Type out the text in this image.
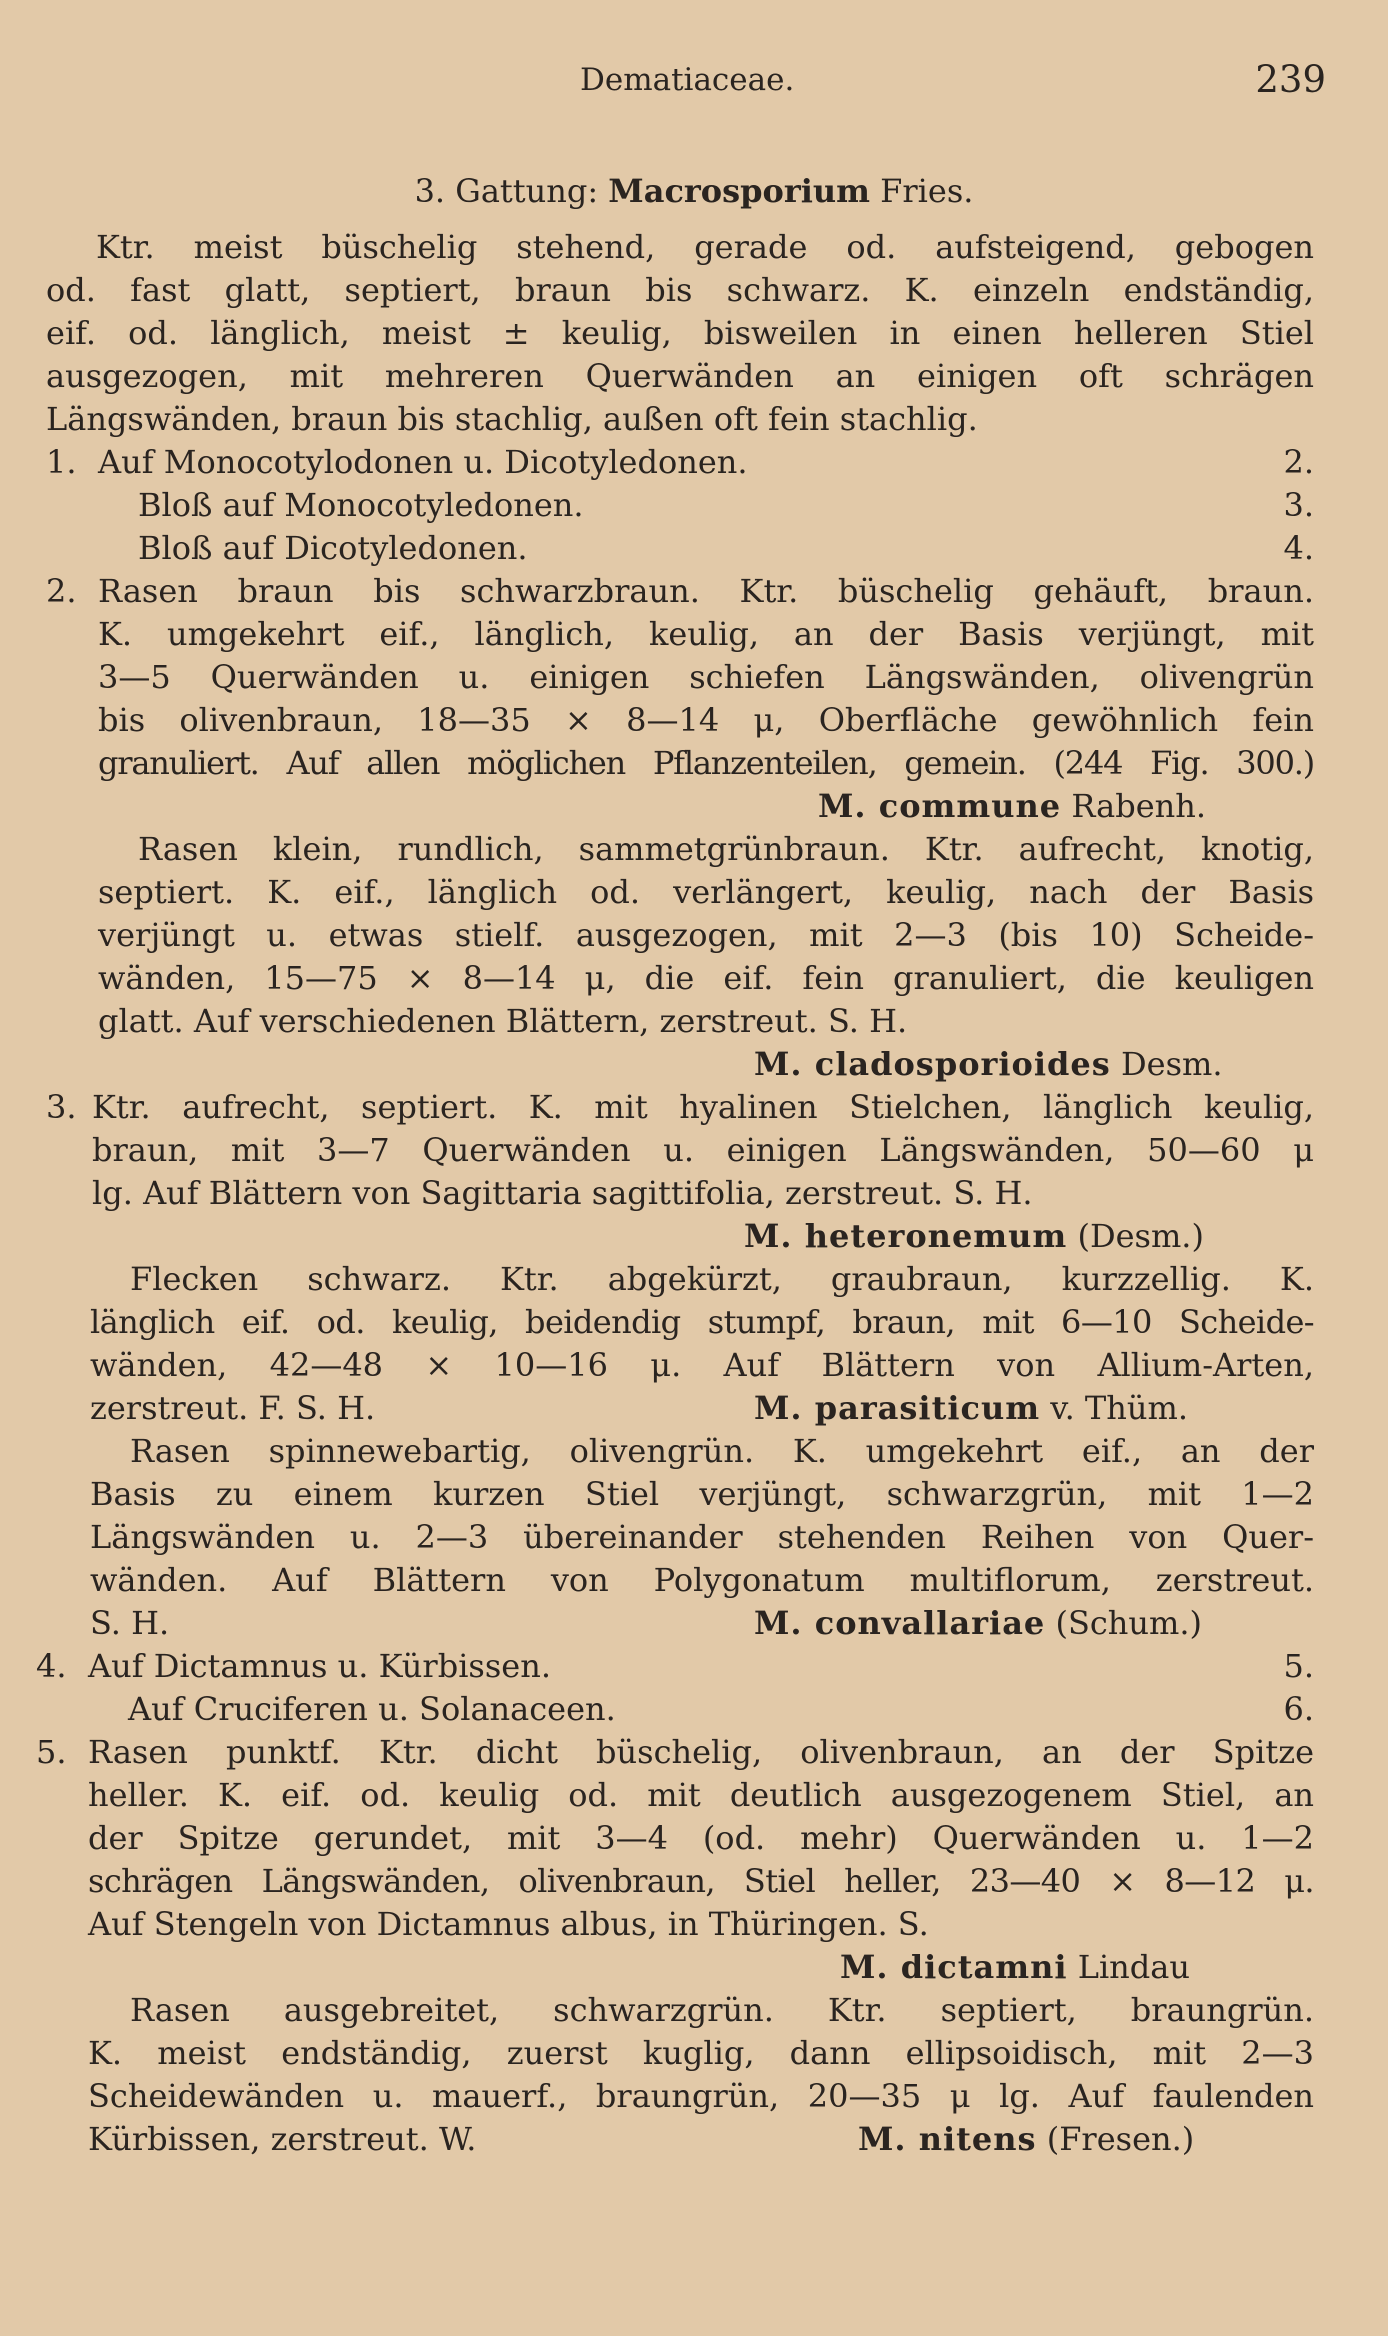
Dematiaceae.	239
3. Gattung: Macrosporium Fries.
Ktr. meist büschelig stehend, gerade od. aufsteigend, gebogen
od. fast glatt, septiert, braun bis schwarz. K. einzeln endständig,
eif. od. länglich, meist ± keulig, bisweilen in einen helleren Stiel
ausgezogen, mit mehreren Querwänden an einigen oft schrägen
Längswänden, braun bis stachlig, außen oft fein stachlig.
1. Auf Monocotylodonen u. Dicotyledonen.	2.
Bloß auf Monocotyledonen.	3.
Bloß auf Dicotyledonen.	4.
2. Rasen braun bis schwarzbraun. Ktr. büschelig gehäuft, braun.
K. umgekehrt eif., länglich, keulig, an der Basis verjüngt, mit
3—5 Querwänden u. einigen schiefen Längswänden, olivengrün
bis olivenbraun, 18—35 × 8—14 μ, Oberfläche gewöhnlich fein
granuliert. Auf allen möglichen Pflanzenteilen, gemein. (244 Fig. 300.)
M. commune Rabenh.
Rasen klein, rundlich, sammetgrünbraun. Ktr. aufrecht, knotig,
septiert. K. eif., länglich od. verlängert, keulig, nach der Basis
verjüngt u. etwas stielf. ausgezogen, mit 2—3 (bis 10) Scheide-
wänden, 15—75 × 8—14 μ, die eif. fein granuliert, die keuligen
glatt. Auf verschiedenen Blättern, zerstreut. S. H.
M. cladosporioides Desm.
3. Ktr. aufrecht, septiert. K. mit hyalinen Stielchen, länglich keulig,
braun, mit 3—7 Querwänden u. einigen Längswänden, 50—60 μ
lg. Auf Blättern von Sagittaria sagittifolia, zerstreut. S. H.
M. heteronemum (Desm.)
Flecken schwarz. Ktr. abgekürzt, graubraun, kurzzellig. K.
länglich eif. od. keulig, beidendig stumpf, braun, mit 6—10 Scheide-
wänden, 42—48 × 10—16 μ. Auf Blättern von Allium-Arten,
zerstreut. F. S. H.	M. parasiticum v. Thüm.
Rasen spinnewebartig, olivengrün. K. umgekehrt eif., an der
Basis zu einem kurzen Stiel verjüngt, schwarzgrün, mit 1—2
Längswänden u. 2—3 übereinander stehenden Reihen von Quer-
wänden. Auf Blättern von Polygonatum multiflorum, zerstreut.
S. H.	M. convallariae (Schum.)
4. Auf Dictamnus u. Kürbissen.	5.
Auf Cruciferen u. Solanaceen.	6.
5. Rasen punktf. Ktr. dicht büschelig, olivenbraun, an der Spitze
heller. K. eif. od. keulig od. mit deutlich ausgezogenem Stiel, an
der Spitze gerundet, mit 3—4 (od. mehr) Querwänden u. 1—2
schrägen Längswänden, olivenbraun, Stiel heller, 23—40 × 8—12 μ.
Auf Stengeln von Dictamnus albus, in Thüringen. S.
M. dictamni Lindau
Rasen ausgebreitet, schwarzgrün. Ktr. septiert, braungrün.
K. meist endständig, zuerst kuglig, dann ellipsoidisch, mit 2—3
Scheidewänden u. mauerf., braungrün, 20—35 μ lg. Auf faulenden
Kürbissen, zerstreut. W.	M. nitens (Fresen.)
